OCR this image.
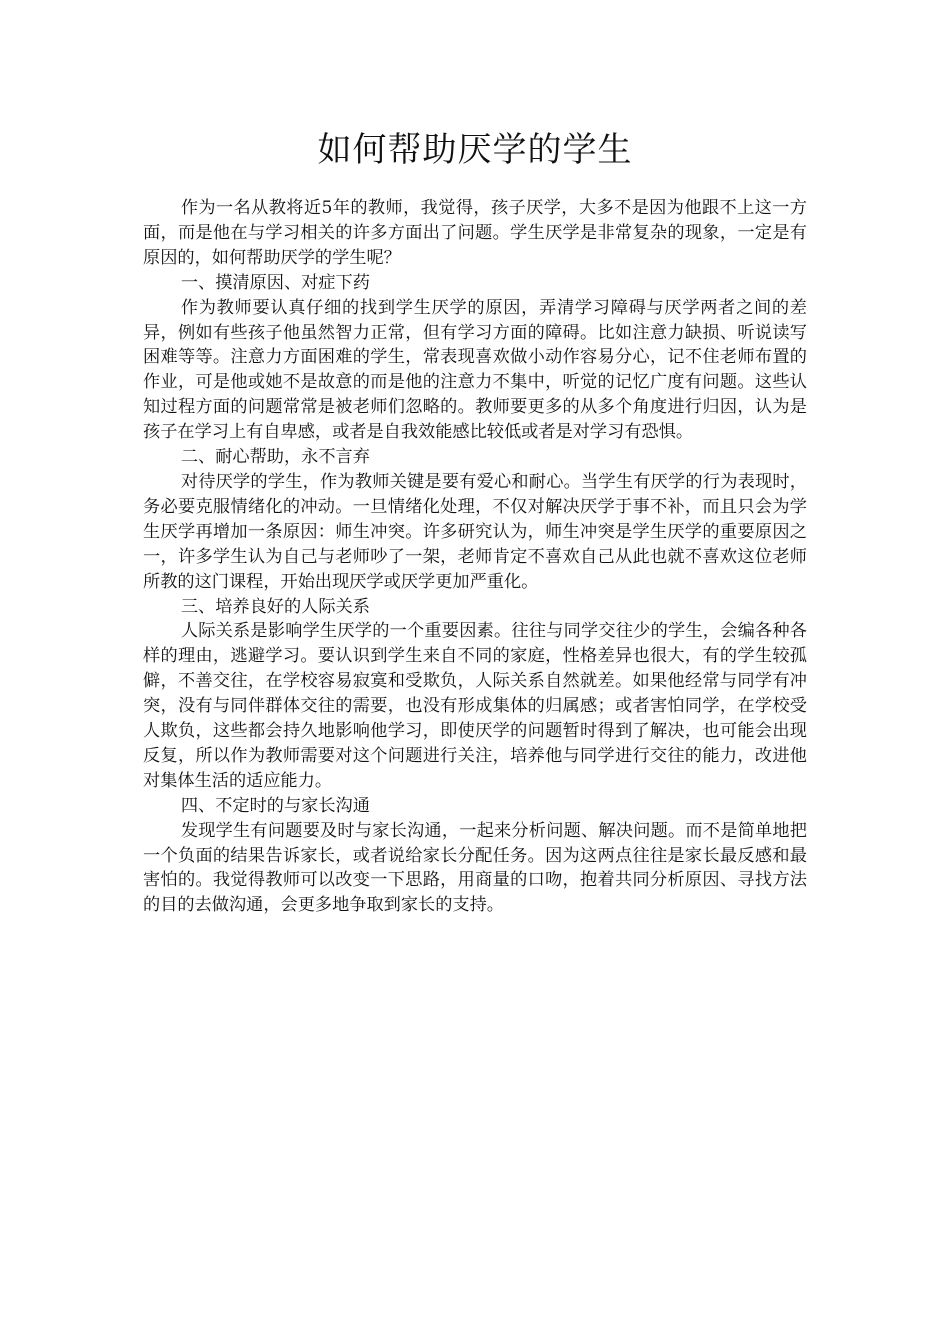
如何帮助厌学的学生

作为一名从教将近5年的教师，我觉得，孩子厌学，大多不是因为他跟不上这一方面，而是他在与学习相关的许多方面出了问题。学生厌学是非常复杂的现象，一定是有原因的，如何帮助厌学的学生呢？

一、摸清原因、对症下药

作为教师要认真仔细的找到学生厌学的原因，弄清学习障碍与厌学两者之间的差异，例如有些孩子他虽然智力正常，但有学习方面的障碍。比如注意力缺损、听说读写困难等等。注意力方面困难的学生，常表现喜欢做小动作容易分心，记不住老师布置的作业，可是他或她不是故意的而是他的注意力不集中，听觉的记忆广度有问题。这些认知过程方面的问题常常是被老师们忽略的。教师要更多的从多个角度进行归因，认为是孩子在学习上有自卑感，或者是自我效能感比较低或者是对学习有恐惧。

二、耐心帮助，永不言弃

对待厌学的学生，作为教师关键是要有爱心和耐心。当学生有厌学的行为表现时，务必要克服情绪化的冲动。一旦情绪化处理，不仅对解决厌学于事不补，而且只会为学生厌学再增加一条原因：师生冲突。许多研究认为，师生冲突是学生厌学的重要原因之一，许多学生认为自己与老师吵了一架，老师肯定不喜欢自己从此也就不喜欢这位老师所教的这门课程，开始出现厌学或厌学更加严重化。

三、培养良好的人际关系

人际关系是影响学生厌学的一个重要因素。往往与同学交往少的学生，会编各种各样的理由，逃避学习。要认识到学生来自不同的家庭，性格差异也很大，有的学生较孤僻，不善交往，在学校容易寂寞和受欺负，人际关系自然就差。如果他经常与同学有冲突，没有与同伴群体交往的需要，也没有形成集体的归属感；或者害怕同学，在学校受人欺负，这些都会持久地影响他学习，即使厌学的问题暂时得到了解决，也可能会出现反复，所以作为教师需要对这个问题进行关注，培养他与同学进行交往的能力，改进他对集体生活的适应能力。

四、不定时的与家长沟通

发现学生有问题要及时与家长沟通，一起来分析问题、解决问题。而不是简单地把一个负面的结果告诉家长，或者说给家长分配任务。因为这两点往往是家长最反感和最害怕的。我觉得教师可以改变一下思路，用商量的口吻，抱着共同分析原因、寻找方法的目的去做沟通，会更多地争取到家长的支持。
